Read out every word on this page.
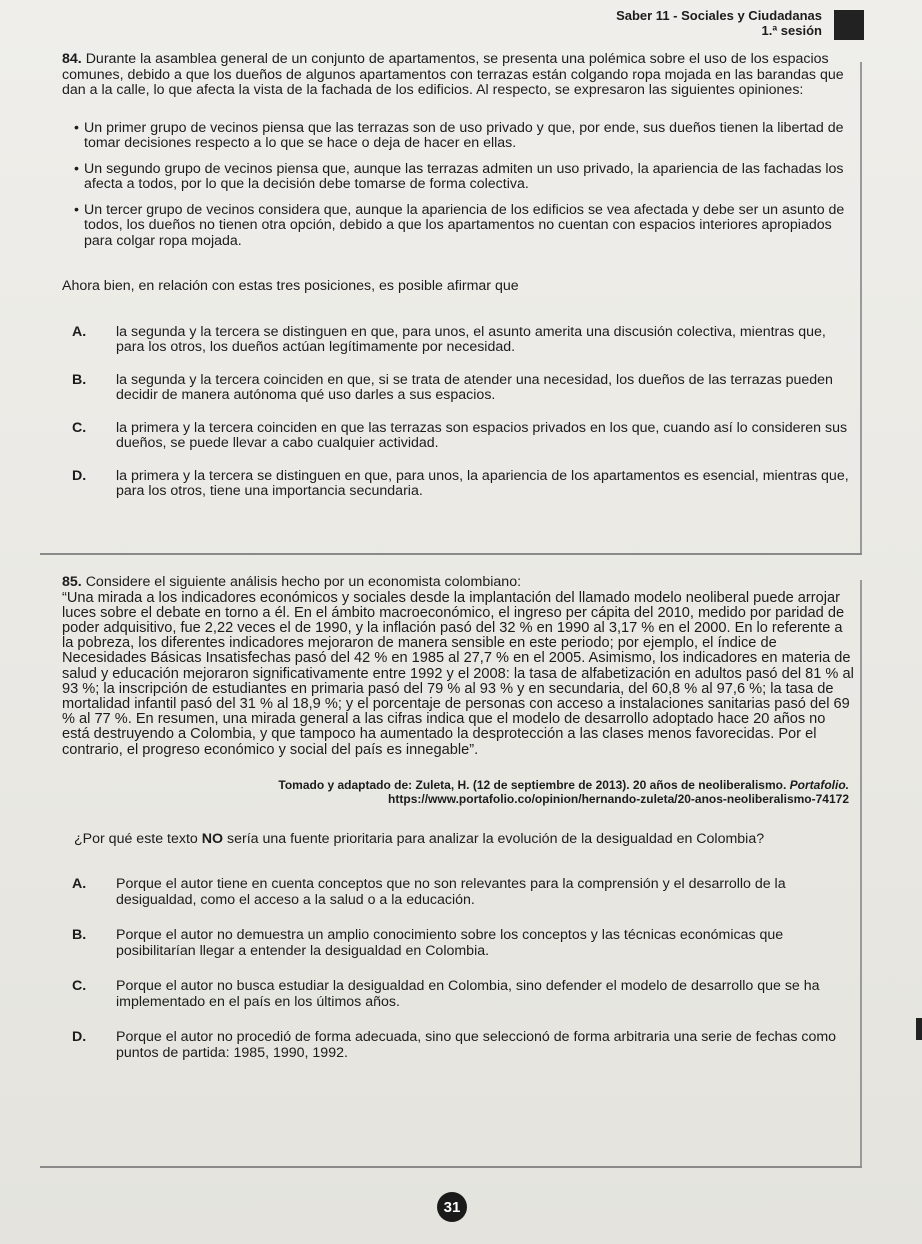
Saber 11 - Sociales y Ciudadanas
1.ª sesión

84. Durante la asamblea general de un conjunto de apartamentos, se presenta una polémica sobre el uso de los espacios comunes, debido a que los dueños de algunos apartamentos con terrazas están colgando ropa mojada en las barandas que dan a la calle, lo que afecta la vista de la fachada de los edificios. Al respecto, se expresaron las siguientes opiniones:

• Un primer grupo de vecinos piensa que las terrazas son de uso privado y que, por ende, sus dueños tienen la libertad de tomar decisiones respecto a lo que se hace o deja de hacer en ellas.
• Un segundo grupo de vecinos piensa que, aunque las terrazas admiten un uso privado, la apariencia de las fachadas los afecta a todos, por lo que la decisión debe tomarse de forma colectiva.
• Un tercer grupo de vecinos considera que, aunque la apariencia de los edificios se vea afectada y debe ser un asunto de todos, los dueños no tienen otra opción, debido a que los apartamentos no cuentan con espacios interiores apropiados para colgar ropa mojada.

Ahora bien, en relación con estas tres posiciones, es posible afirmar que

A.	la segunda y la tercera se distinguen en que, para unos, el asunto amerita una discusión colectiva, mientras que, para los otros, los dueños actúan legítimamente por necesidad.
B.	la segunda y la tercera coinciden en que, si se trata de atender una necesidad, los dueños de las terrazas pueden decidir de manera autónoma qué uso darles a sus espacios.
C.	la primera y la tercera coinciden en que las terrazas son espacios privados en los que, cuando así lo consideren sus dueños, se puede llevar a cabo cualquier actividad.
D.	la primera y la tercera se distinguen en que, para unos, la apariencia de los apartamentos es esencial, mientras que, para los otros, tiene una importancia secundaria.

85. Considere el siguiente análisis hecho por un economista colombiano:

“Una mirada a los indicadores económicos y sociales desde la implantación del llamado modelo neoliberal puede arrojar luces sobre el debate en torno a él. En el ámbito macroeconómico, el ingreso per cápita del 2010, medido por paridad de poder adquisitivo, fue 2,22 veces el de 1990, y la inflación pasó del 32 % en 1990 al 3,17 % en el 2000. En lo referente a la pobreza, los diferentes indicadores mejoraron de manera sensible en este periodo; por ejemplo, el índice de Necesidades Básicas Insatisfechas pasó del 42 % en 1985 al 27,7 % en el 2005. Asimismo, los indicadores en materia de salud y educación mejoraron significativamente entre 1992 y el 2008: la tasa de alfabetización en adultos pasó del 81 % al 93 %; la inscripción de estudiantes en primaria pasó del 79 % al 93 % y en secundaria, del 60,8 % al 97,6 %; la tasa de mortalidad infantil pasó del 31 % al 18,9 %; y el porcentaje de personas con acceso a instalaciones sanitarias pasó del 69 % al 77 %. En resumen, una mirada general a las cifras indica que el modelo de desarrollo adoptado hace 20 años no está destruyendo a Colombia, y que tampoco ha aumentado la desprotección a las clases menos favorecidas. Por el contrario, el progreso económico y social del país es innegable”.

Tomado y adaptado de: Zuleta, H. (12 de septiembre de 2013). 20 años de neoliberalismo. Portafolio.
https://www.portafolio.co/opinion/hernando-zuleta/20-anos-neoliberalismo-74172

¿Por qué este texto NO sería una fuente prioritaria para analizar la evolución de la desigualdad en Colombia?

A.	Porque el autor tiene en cuenta conceptos que no son relevantes para la comprensión y el desarrollo de la desigualdad, como el acceso a la salud o a la educación.
B.	Porque el autor no demuestra un amplio conocimiento sobre los conceptos y las técnicas económicas que posibilitarían llegar a entender la desigualdad en Colombia.
C.	Porque el autor no busca estudiar la desigualdad en Colombia, sino defender el modelo de desarrollo que se ha implementado en el país en los últimos años.
D.	Porque el autor no procedió de forma adecuada, sino que seleccionó de forma arbitraria una serie de fechas como puntos de partida: 1985, 1990, 1992.
31
